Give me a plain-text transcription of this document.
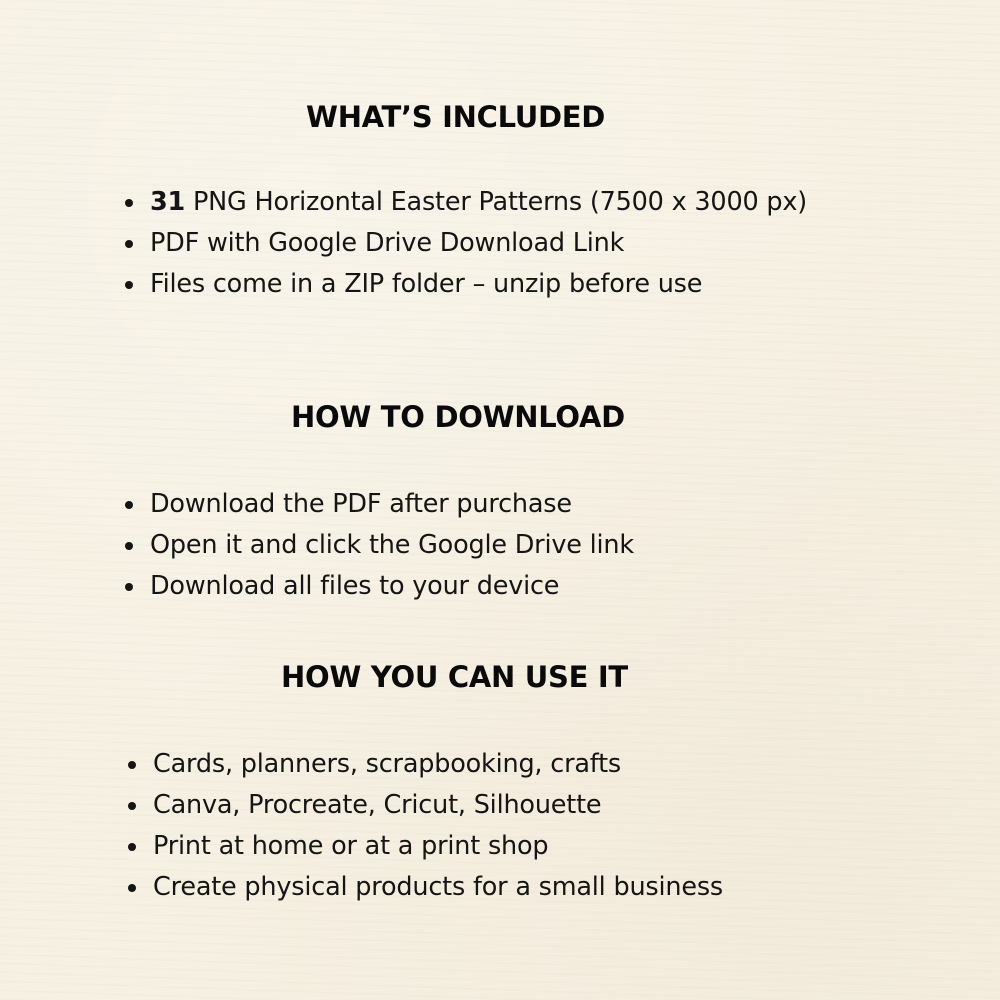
WHAT’S INCLUDED
31 PNG Horizontal Easter Patterns (7500 x 3000 px)
PDF with Google Drive Download Link
Files come in a ZIP folder – unzip before use
HOW TO DOWNLOAD
Download the PDF after purchase
Open it and click the Google Drive link
Download all files to your device
HOW YOU CAN USE IT
Cards, planners, scrapbooking, crafts
Canva, Procreate, Cricut, Silhouette
Print at home or at a print shop
Create physical products for a small business
